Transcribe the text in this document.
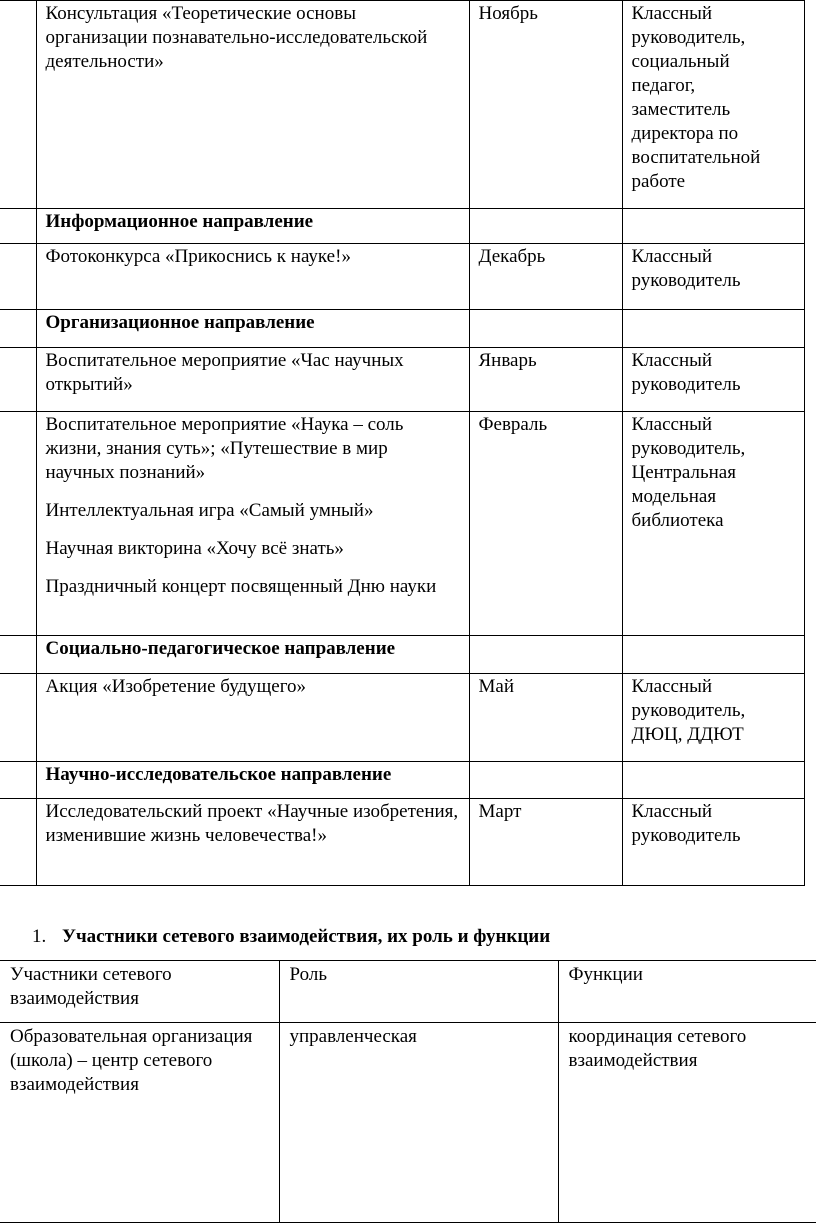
	Консультация «Теоретические основы организации познавательно-исследовательской деятельности»	Ноябрь	Классный руководитель, социальный педагог, заместитель директора по воспитательной работе
	Информационное направление		
	Фотоконкурса «Прикоснись к науке!»	Декабрь	Классный руководитель
	Организационное направление		
	Воспитательное мероприятие «Час научных открытий»	Январь	Классный руководитель

	Воспитательное мероприятие «Наука – соль жизни, знания суть»; «Путешествие в мир научных познаний»
Интеллектуальная игра «Самый умный»
Научная викторина «Хочу всё знать»
Праздничный концерт посвященный Дню науки	Февраль	Классный руководитель, Центральная модельная библиотека
	Социально-педагогическое направление		
	Акция «Изобретение будущего»	Май	Классный руководитель, ДЮЦ, ДДЮТ
	Научно-исследовательское направление		
	Исследовательский проект «Научные изобретения, изменившие жизнь человечества!»	Март	Классный руководитель
1. Участники сетевого взаимодействия, их роль и функции
Участники сетевого взаимодействия	Роль	Функции
Образовательная организация (школа) – центр сетевого взаимодействия	управленческая	координация сетевого взаимодействия
